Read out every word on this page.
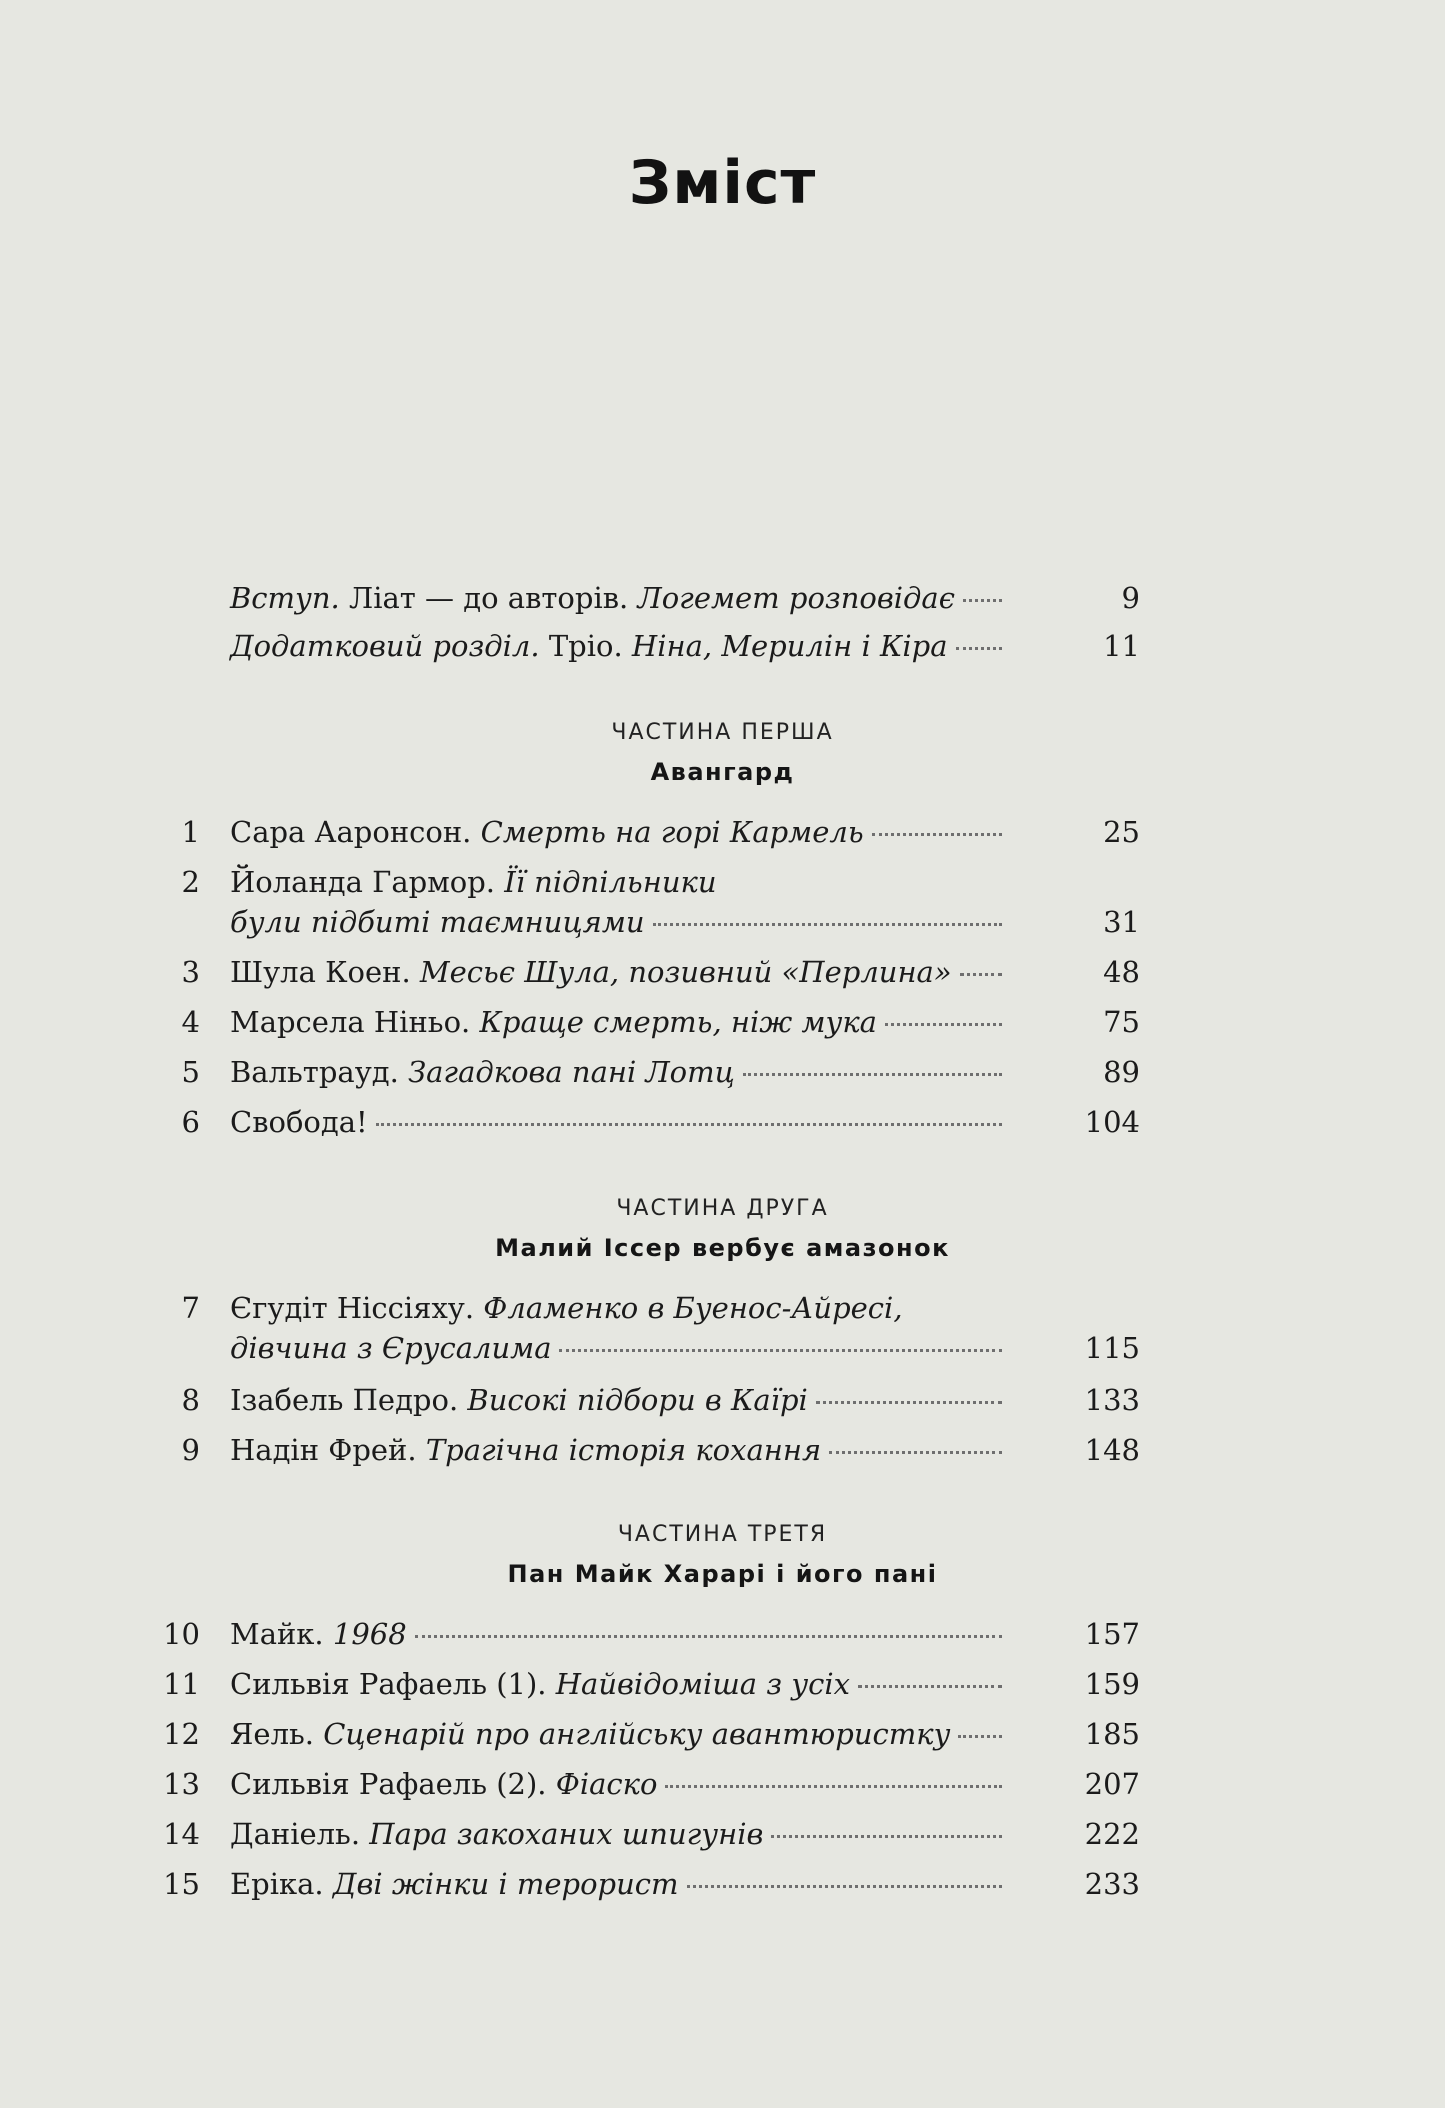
Зміст
Вступ. Ліат — до авторів. Логемет розповідає	9
Додатковий розділ. Тріо. Ніна, Мерилін і Кіра	11
ЧАСТИНА ПЕРША
Авангард
1 Сара Ааронсон. Смерть на горі Кармель	25
2 Йоланда Гармор. Її підпільники
були підбиті таємницями	31
3 Шула Коен. Месьє Шула, позивний «Перлина»	48
4 Марсела Ніньо. Краще смерть, ніж мука	75
5 Вальтрауд. Загадкова пані Лотц	89
6 Свобода!	104
ЧАСТИНА ДРУГА
Малий Іссер вербує амазонок
7 Єгудіт Ніссіяху. Фламенко в Буенос-Айресі,
дівчина з Єрусалима	115
8 Ізабель Педро. Високі підбори в Каїрі	133
9 Надін Фрей. Трагічна історія кохання	148
ЧАСТИНА ТРЕТЯ
Пан Майк Харарі і його пані
10 Майк. 1968	157
11 Сильвія Рафаель (1). Найвідоміша з усіх	159
12 Яель. Сценарій про англійську авантюристку	185
13 Сильвія Рафаель (2). Фіаско	207
14 Даніель. Пара закоханих шпигунів	222
15 Еріка. Дві жінки і терорист	233
